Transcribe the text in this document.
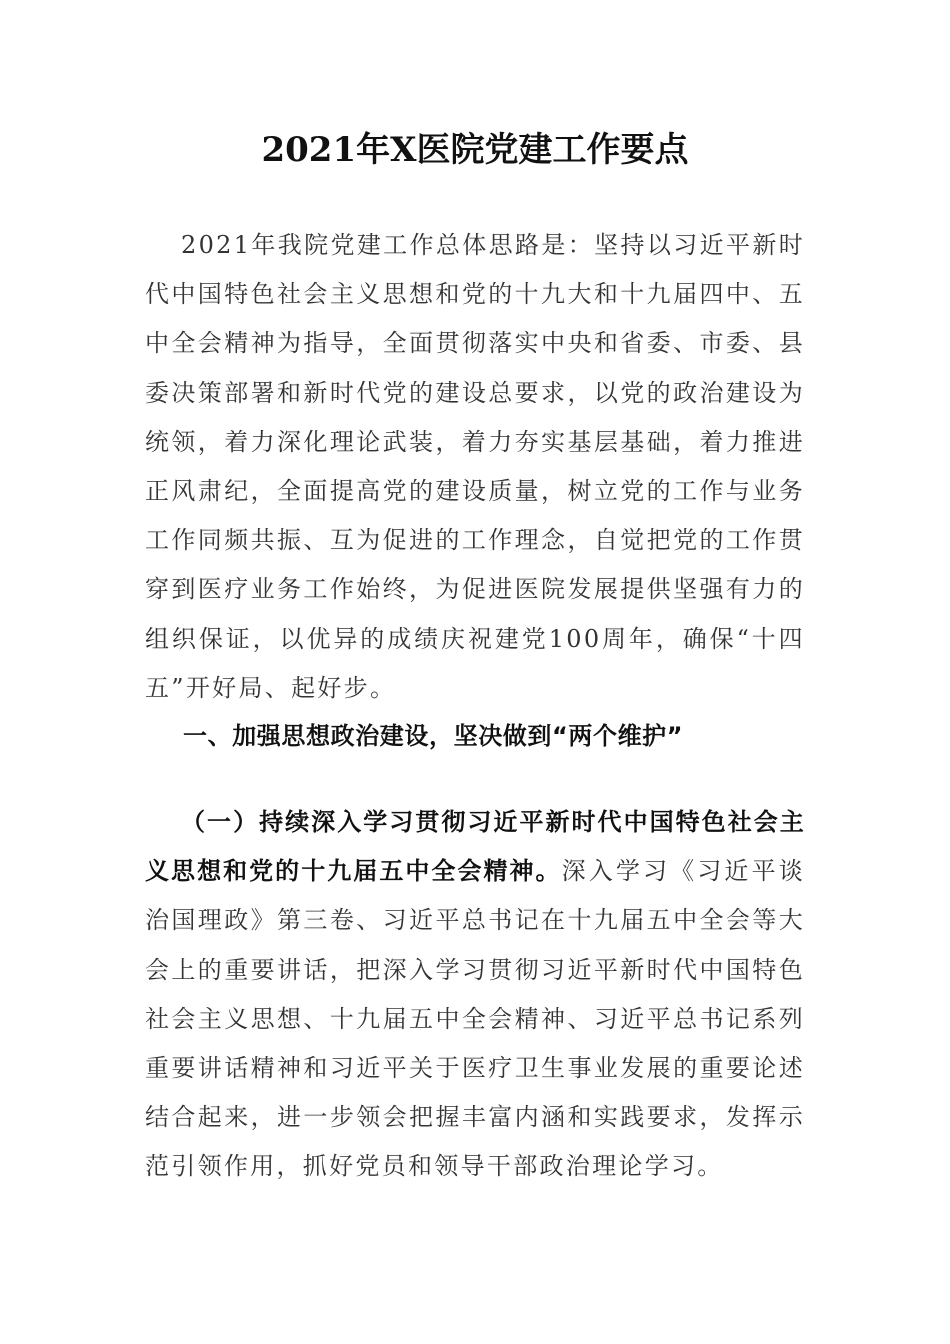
2021年X医院党建工作要点

2021年我院党建工作总体思路是：坚持以习近平新时代中国特色社会主义思想和党的十九大和十九届四中、五中全会精神为指导，全面贯彻落实中央和省委、市委、县委决策部署和新时代党的建设总要求，以党的政治建设为统领，着力深化理论武装，着力夯实基层基础，着力推进正风肃纪，全面提高党的建设质量，树立党的工作与业务工作同频共振、互为促进的工作理念，自觉把党的工作贯穿到医疗业务工作始终，为促进医院发展提供坚强有力的组织保证，以优异的成绩庆祝建党100周年，确保“十四五”开好局、起好步。

一、加强思想政治建设，坚决做到“两个维护”

（一）持续深入学习贯彻习近平新时代中国特色社会主义思想和党的十九届五中全会精神。深入学习《习近平谈治国理政》第三卷、习近平总书记在十九届五中全会等大会上的重要讲话，把深入学习贯彻习近平新时代中国特色社会主义思想、十九届五中全会精神、习近平总书记系列重要讲话精神和习近平关于医疗卫生事业发展的重要论述结合起来，进一步领会把握丰富内涵和实践要求，发挥示范引领作用，抓好党员和领导干部政治理论学习。
